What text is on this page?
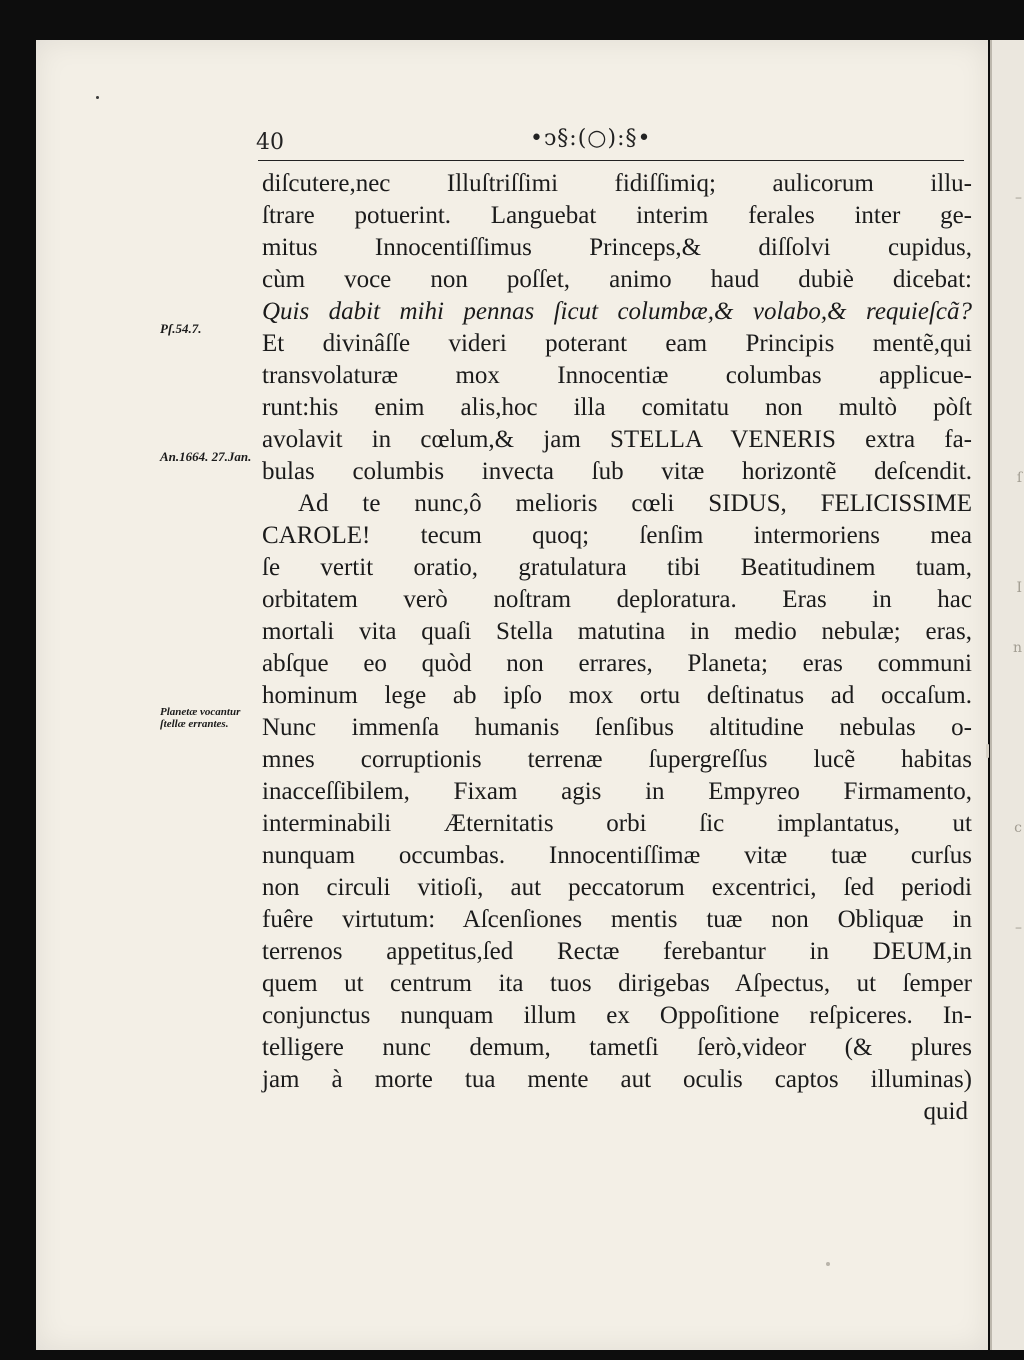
–
ſ
I
n
c
–
40	•ↄ§:(○):§•
Pſ.54.7.
An.1664. 27.Jan.
Planetæ vocantur ſtellæ errantes.
diſcutere,nec Illuſtriſſimi fidiſſimiq; aulicorum illu-
ſtrare potuerint. Languebat interim ferales inter ge-
mitus Innocentiſſimus Princeps,& diſſolvi cupidus,
cùm voce non poſſet, animo haud dubiè dicebat:
Quis dabit mihi pennas ſicut columbæ,& volabo,& requieſcã?
Et divinâſſe videri poterant eam Principis mentẽ,qui
transvolaturæ mox Innocentiæ columbas applicue-
runt:his enim alis,hoc illa comitatu non multò pòſt
avolavit in cœlum,& jam STELLA VENERIS extra fa-
bulas columbis invecta ſub vitæ horizontẽ deſcendit.
Ad te nunc,ô melioris cœli SIDUS, FELICISSIME
CAROLE! tecum quoq; ſenſim intermoriens mea
ſe vertit oratio, gratulatura tibi Beatitudinem tuam,
orbitatem verò noſtram deploratura. Eras in hac
mortali vita quaſi Stella matutina in medio nebulæ; eras,
abſque eo quòd non errares, Planeta; eras communi
hominum lege ab ipſo mox ortu deſtinatus ad occaſum.
Nunc immenſa humanis ſenſibus altitudine nebulas o-
mnes corruptionis terrenæ ſupergreſſus lucẽ habitas
inacceſſibilem, Fixam agis in Empyreo Firmamento,
interminabili Æternitatis orbi ſic implantatus, ut
nunquam occumbas. Innocentiſſimæ vitæ tuæ curſus
non circuli vitioſi, aut peccatorum excentrici, ſed periodi
fuêre virtutum: Aſcenſiones mentis tuæ non Obliquæ in
terrenos appetitus,ſed Rectæ ferebantur in DEUM,in
quem ut centrum ita tuos dirigebas Aſpectus, ut ſemper
conjunctus nunquam illum ex Oppoſitione reſpiceres. In-
telligere nunc demum, tametſi ſerò,videor (& plures
jam à morte tua mente aut oculis captos illuminas)
quid
